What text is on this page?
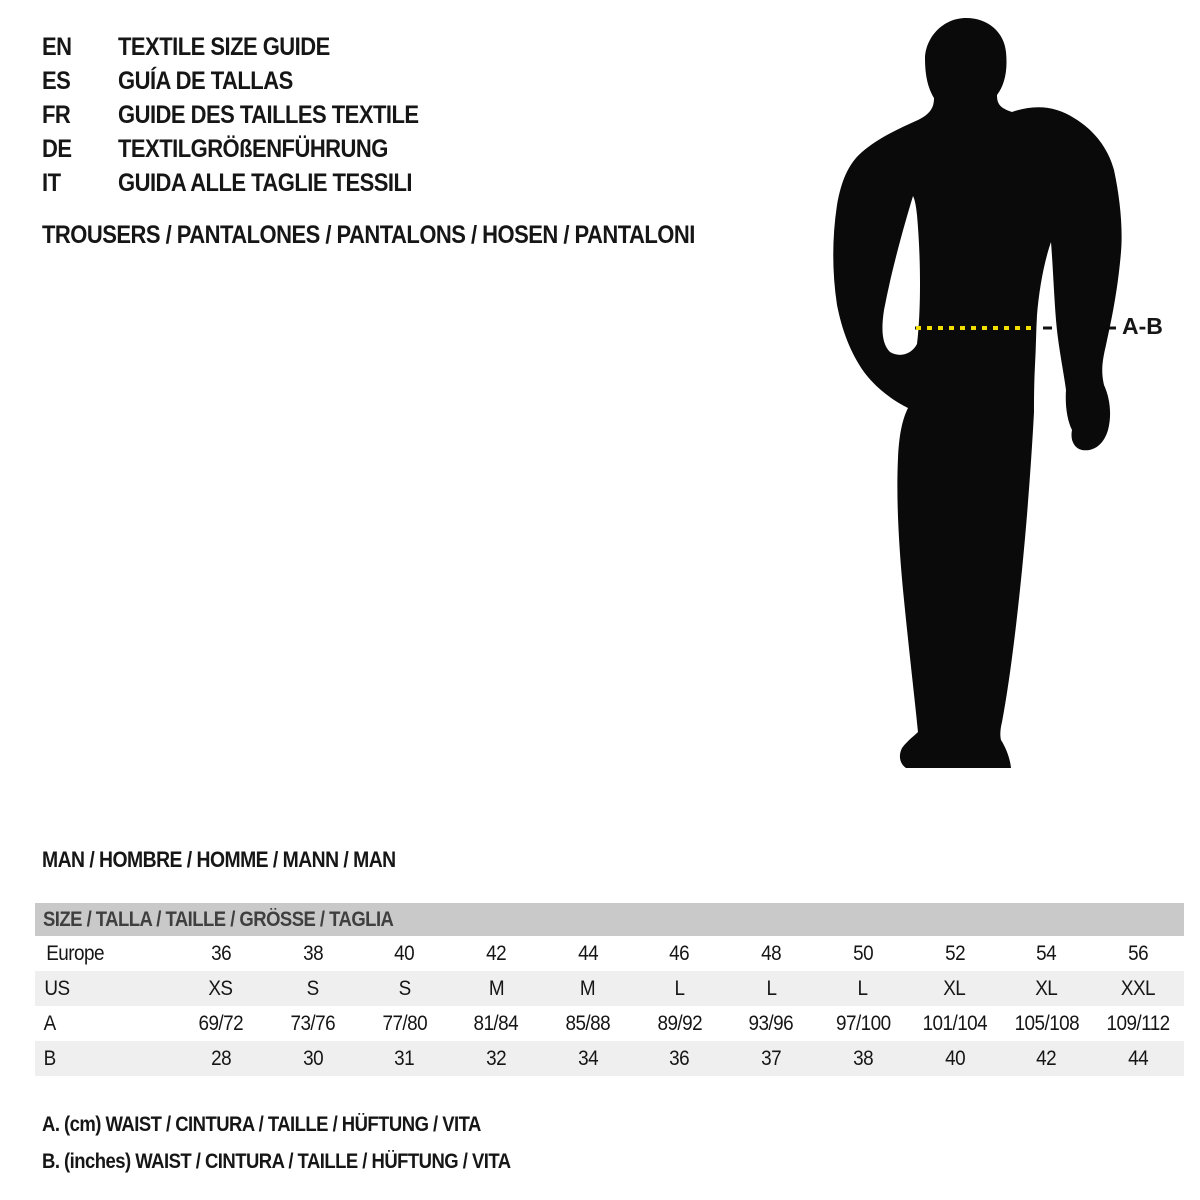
EN	TEXTILE SIZE GUIDE
ES	GUÍA DE TALLAS
FR	GUIDE DES TAILLES TEXTILE
DE	TEXTILGRÖßENFÜHRUNG
IT	GUIDA ALLE TAGLIE TESSILI
TROUSERS / PANTALONES / PANTALONS / HOSEN / PANTALONI
A-B
MAN / HOMBRE / HOMME / MANN / MAN
SIZE / TALLA / TAILLE / GRÖSSE / TAGLIA
Europe	36	38	40	42	44	46	48	50	52	54	56
US	XS	S	S	M	M	L	L	L	XL	XL	XXL
A	69/72	73/76	77/80	81/84	85/88	89/92	93/96	97/100	101/104	105/108	109/112
B	28	30	31	32	34	36	37	38	40	42	44
A. (cm) WAIST / CINTURA / TAILLE / HÜFTUNG / VITA
B. (inches) WAIST / CINTURA / TAILLE / HÜFTUNG / VITA
